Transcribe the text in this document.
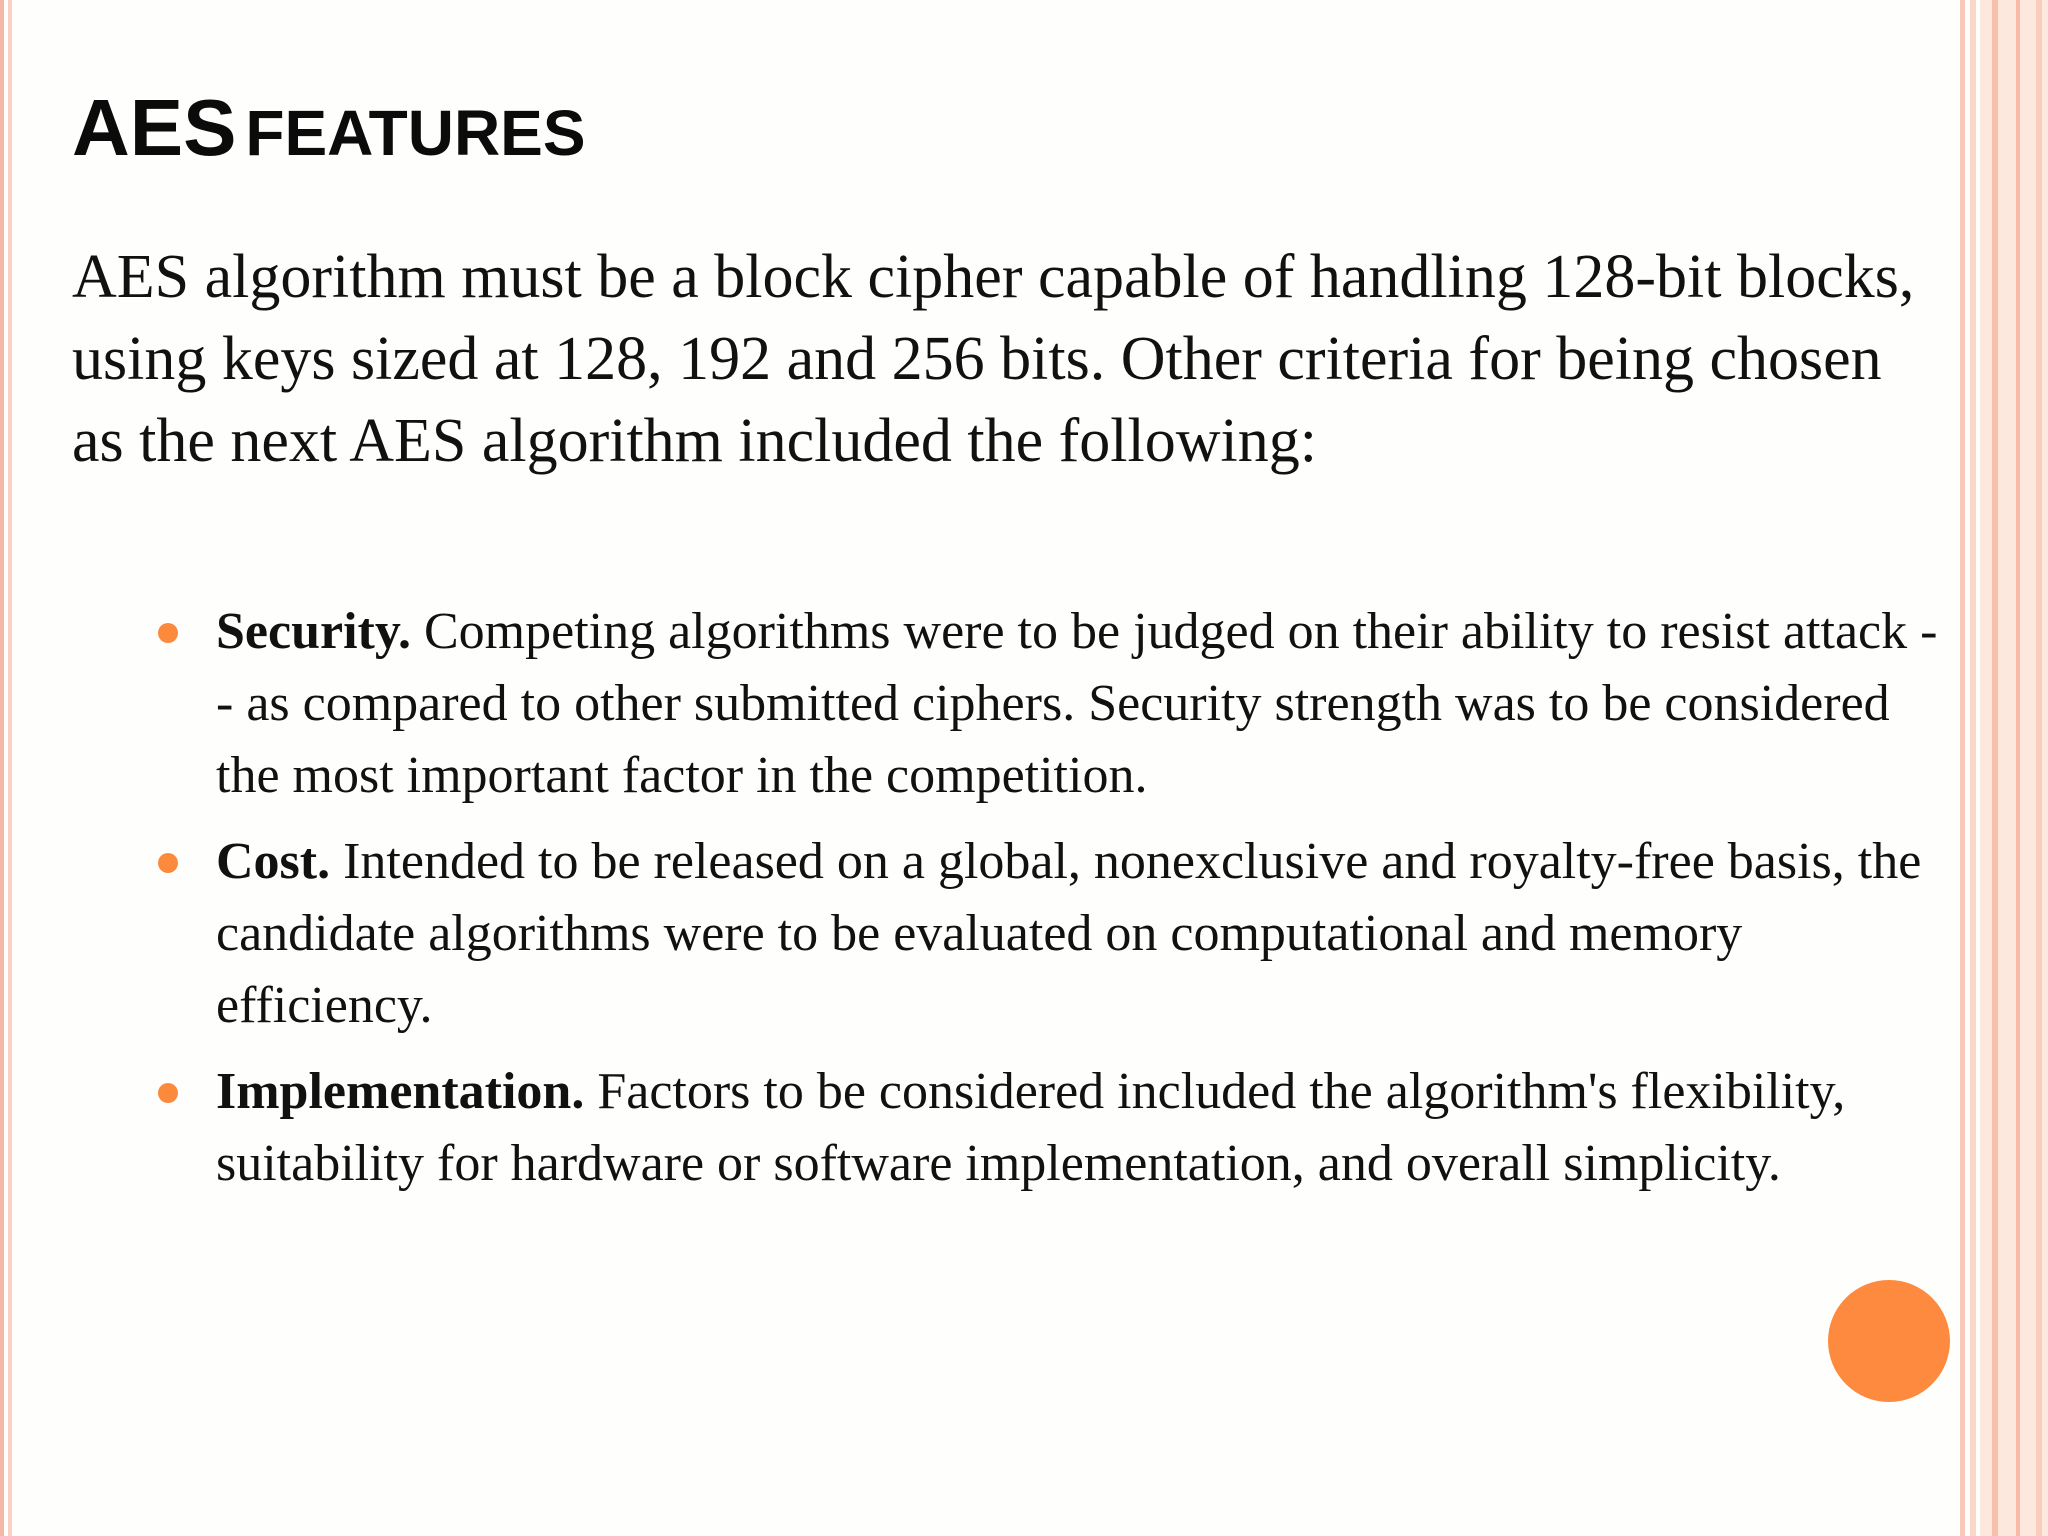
AES FEATURES

AES algorithm must be a block cipher capable of handling 128-bit blocks, using keys sized at 128, 192 and 256 bits. Other criteria for being chosen as the next AES algorithm included the following:

Security. Competing algorithms were to be judged on their ability to resist attack -- as compared to other submitted ciphers. Security strength was to be considered the most important factor in the competition.
Cost. Intended to be released on a global, nonexclusive and royalty-free basis, the candidate algorithms were to be evaluated on computational and memory efficiency.
Implementation. Factors to be considered included the algorithm's flexibility, suitability for hardware or software implementation, and overall simplicity.
